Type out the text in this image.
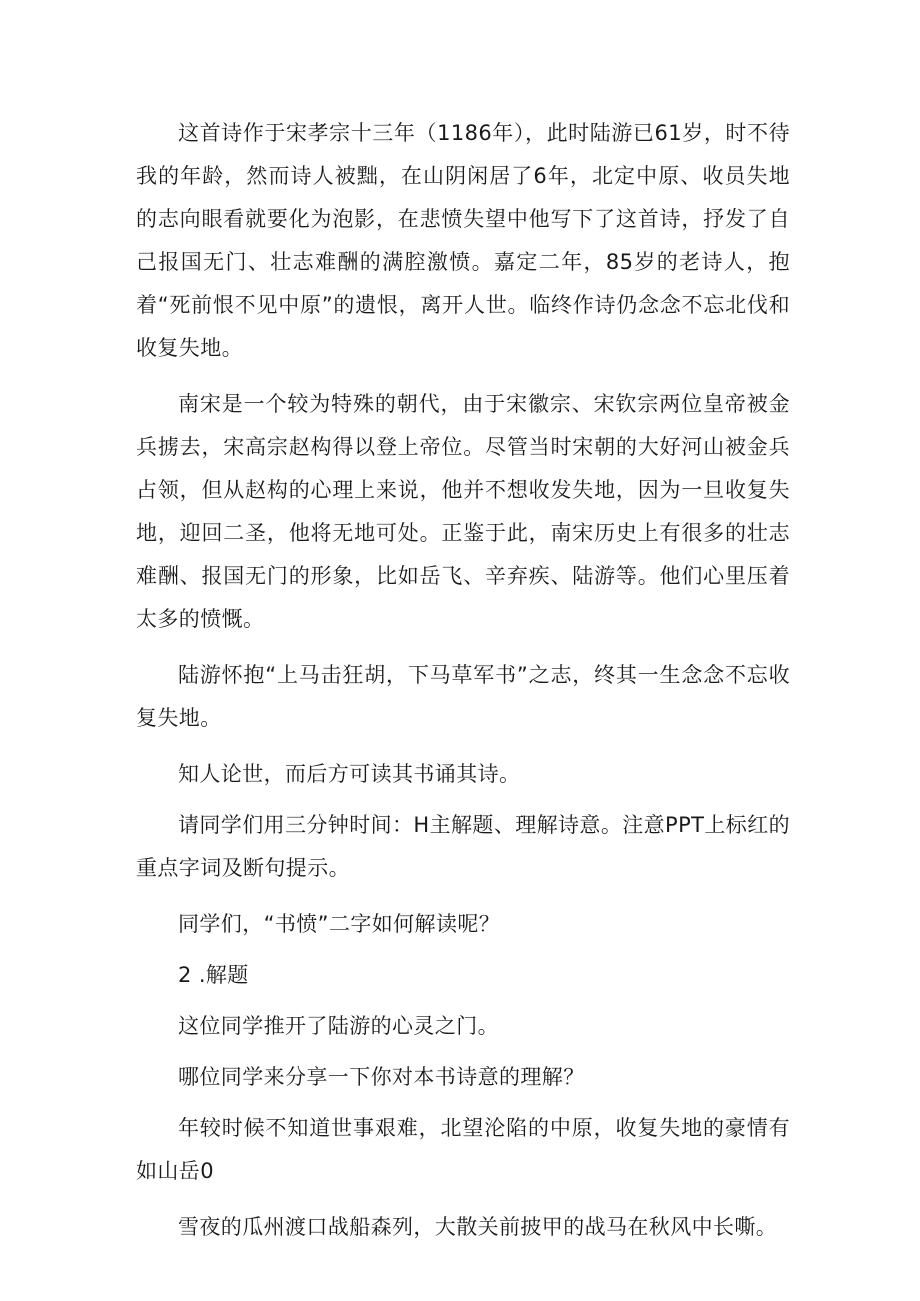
这首诗作于宋孝宗十三年（1186年），此时陆游已61岁，时不待我的年龄，然而诗人被黜，在山阴闲居了6年，北定中原、收员失地的志向眼看就要化为泡影，在悲愤失望中他写下了这首诗，抒发了自己报国无门、壮志难酬的满腔激愤。嘉定二年，85岁的老诗人，抱着“死前恨不见中原”的遗恨，离开人世。临终作诗仍念念不忘北伐和收复失地。

南宋是一个较为特殊的朝代，由于宋徽宗、宋钦宗两位皇帝被金兵掳去，宋高宗赵构得以登上帝位。尽管当时宋朝的大好河山被金兵占领，但从赵构的心理上来说，他并不想收发失地，因为一旦收复失地，迎回二圣，他将无地可处。正鉴于此，南宋历史上有很多的壮志难酬、报国无门的形象，比如岳飞、辛弃疾、陆游等。他们心里压着太多的愤慨。

陆游怀抱“上马击狂胡，下马草军书”之志，终其一生念念不忘收复失地。

知人论世，而后方可读其书诵其诗。

请同学们用三分钟时间：H主解题、理解诗意。注意PPT上标红的重点字词及断句提示。

同学们，“书愤”二字如何解读呢？

2 .解题

这位同学推开了陆游的心灵之门。

哪位同学来分享一下你对本书诗意的理解？

年较时候不知道世事艰难，北望沦陷的中原，收复失地的豪情有如山岳0

雪夜的瓜州渡口战船森列，大散关前披甲的战马在秋风中长嘶。
